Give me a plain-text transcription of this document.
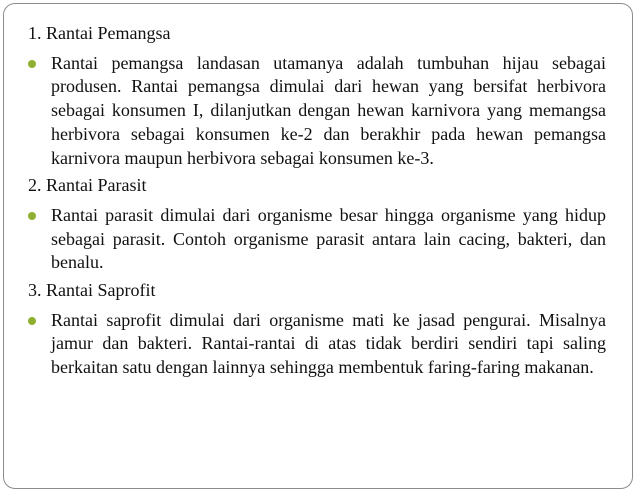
1. Rantai Pemangsa

Rantai pemangsa landasan utamanya adalah tumbuhan hijau sebagai produsen. Rantai pemangsa dimulai dari hewan yang bersifat herbivora sebagai konsumen I, dilanjutkan dengan hewan karnivora yang memangsa herbivora sebagai konsumen ke-2 dan berakhir pada hewan pemangsa karnivora maupun herbivora sebagai konsumen ke-3.

2. Rantai Parasit

Rantai parasit dimulai dari organisme besar hingga organisme yang hidup sebagai parasit. Contoh organisme parasit antara lain cacing, bakteri, dan benalu.

3. Rantai Saprofit

Rantai saprofit dimulai dari organisme mati ke jasad pengurai. Misalnya jamur dan bakteri. Rantai-rantai di atas tidak berdiri sendiri tapi saling berkaitan satu dengan lainnya sehingga membentuk faring-faring makanan.
